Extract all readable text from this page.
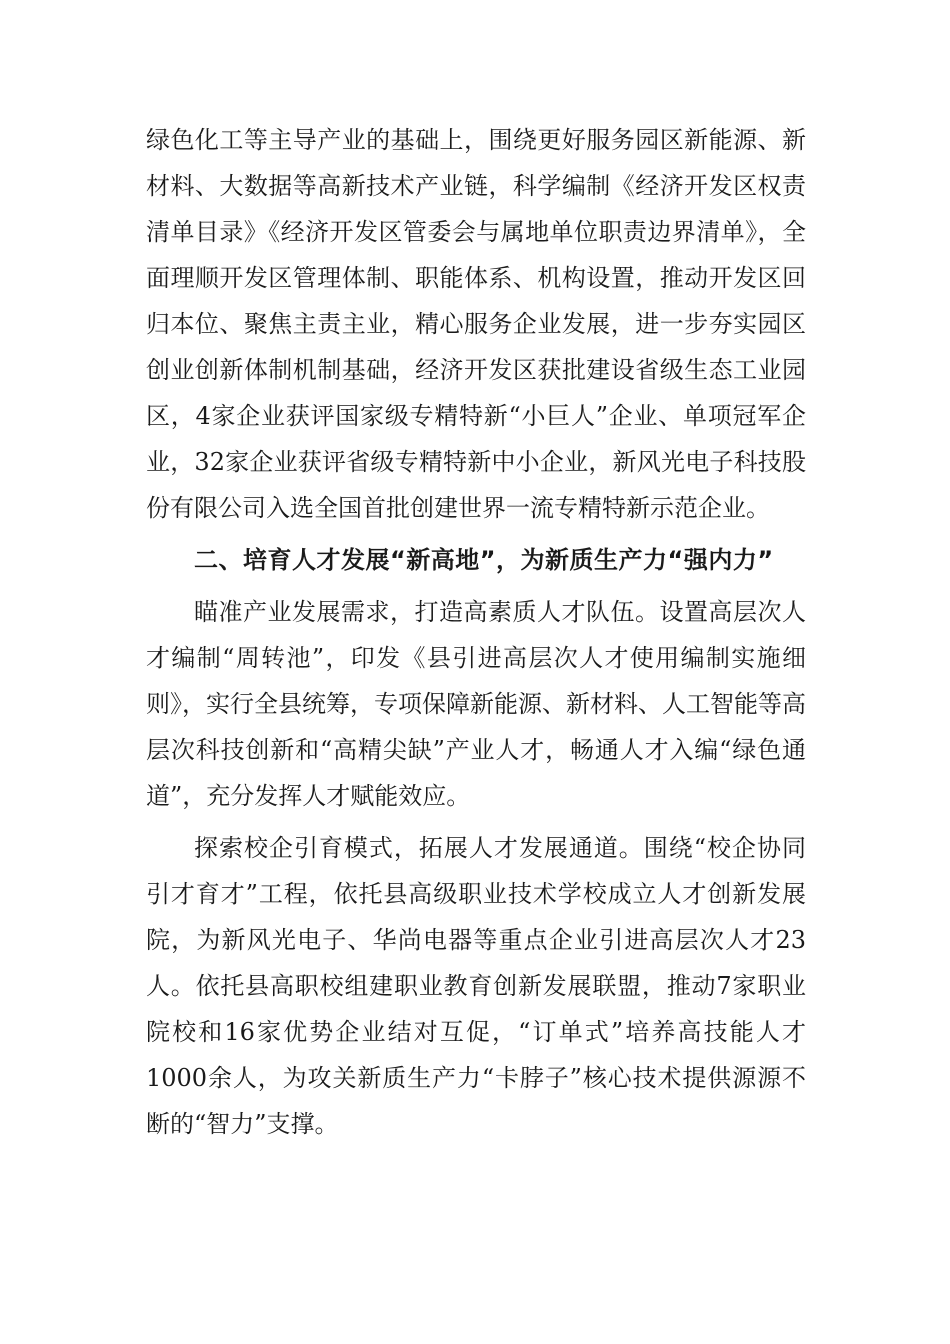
绿色化工等主导产业的基础上，围绕更好服务园区新能源、新材料、大数据等高新技术产业链，科学编制《经济开发区权责清单目录》《经济开发区管委会与属地单位职责边界清单》，全面理顺开发区管理体制、职能体系、机构设置，推动开发区回归本位、聚焦主责主业，精心服务企业发展，进一步夯实园区创业创新体制机制基础，经济开发区获批建设省级生态工业园区，4家企业获评国家级专精特新“小巨人”企业、单项冠军企业，32家企业获评省级专精特新中小企业，新风光电子科技股份有限公司入选全国首批创建世界一流专精特新示范企业。

二、培育人才发展“新高地”，为新质生产力“强内力”

瞄准产业发展需求，打造高素质人才队伍。设置高层次人才编制“周转池”，印发《县引进高层次人才使用编制实施细则》，实行全县统筹，专项保障新能源、新材料、人工智能等高层次科技创新和“高精尖缺”产业人才，畅通人才入编“绿色通道”，充分发挥人才赋能效应。

探索校企引育模式，拓展人才发展通道。围绕“校企协同引才育才”工程，依托县高级职业技术学校成立人才创新发展院，为新风光电子、华尚电器等重点企业引进高层次人才23人。依托县高职校组建职业教育创新发展联盟，推动7家职业院校和16家优势企业结对互促，“订单式”培养高技能人才1000余人，为攻关新质生产力“卡脖子”核心技术提供源源不断的“智力”支撑。
